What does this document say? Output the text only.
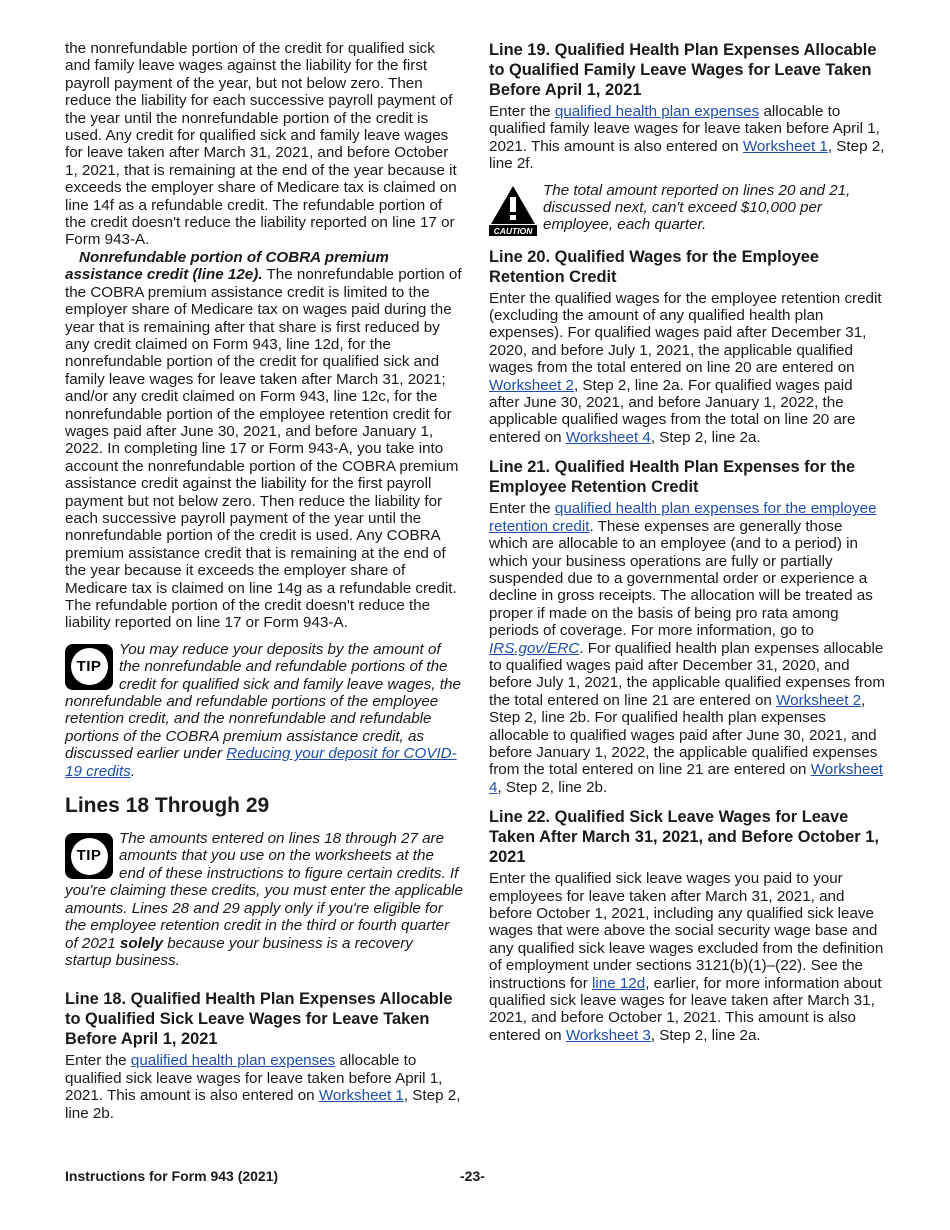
the nonrefundable portion of the credit for qualified sick and family leave wages against the liability for the first payroll payment of the year, but not below zero. Then reduce the liability for each successive payroll payment of the year until the nonrefundable portion of the credit is used. Any credit for qualified sick and family leave wages for leave taken after March 31, 2021, and before October 1, 2021, that is remaining at the end of the year because it exceeds the employer share of Medicare tax is claimed on line 14f as a refundable credit. The refundable portion of the credit doesn't reduce the liability reported on line 17 or Form 943-A.

Nonrefundable portion of COBRA premium assistance credit (line 12e). The nonrefundable portion of the COBRA premium assistance credit is limited to the employer share of Medicare tax on wages paid during the year that is remaining after that share is first reduced by any credit claimed on Form 943, line 12d, for the nonrefundable portion of the credit for qualified sick and family leave wages for leave taken after March 31, 2021; and/or any credit claimed on Form 943, line 12c, for the nonrefundable portion of the employee retention credit for wages paid after June 30, 2021, and before January 1, 2022. In completing line 17 or Form 943-A, you take into account the nonrefundable portion of the COBRA premium assistance credit against the liability for the first payroll payment but not below zero. Then reduce the liability for each successive payroll payment of the year until the nonrefundable portion of the credit is used. Any COBRA premium assistance credit that is remaining at the end of the year because it exceeds the employer share of Medicare tax is claimed on line 14g as a refundable credit. The refundable portion of the credit doesn't reduce the liability reported on line 17 or Form 943-A.

TIP
You may reduce your deposits by the amount of the nonrefundable and refundable portions of the credit for qualified sick and family leave wages, the nonrefundable and refundable portions of the employee retention credit, and the nonrefundable and refundable portions of the COBRA premium assistance credit, as discussed earlier under Reducing your deposit for COVID-19 credits.
Lines 18 Through 29
TIP
The amounts entered on lines 18 through 27 are amounts that you use on the worksheets at the end of these instructions to figure certain credits. If you're claiming these credits, you must enter the applicable amounts. Lines 28 and 29 apply only if you're eligible for the employee retention credit in the third or fourth quarter of 2021 solely because your business is a recovery startup business.
Line 18. Qualified Health Plan Expenses Allocable to Qualified Sick Leave Wages for Leave Taken Before April 1, 2021

Enter the qualified health plan expenses allocable to qualified sick leave wages for leave taken before April 1, 2021. This amount is also entered on Worksheet 1, Step 2, line 2b.

Line 19. Qualified Health Plan Expenses Allocable to Qualified Family Leave Wages for Leave Taken Before April 1, 2021

Enter the qualified health plan expenses allocable to qualified family leave wages for leave taken before April 1, 2021. This amount is also entered on Worksheet 1, Step 2, line 2f.

CAUTION
The total amount reported on lines 20 and 21, discussed next, can't exceed $10,000 per employee, each quarter.
Line 20. Qualified Wages for the Employee Retention Credit

Enter the qualified wages for the employee retention credit (excluding the amount of any qualified health plan expenses). For qualified wages paid after December 31, 2020, and before July 1, 2021, the applicable qualified wages from the total entered on line 20 are entered on Worksheet 2, Step 2, line 2a. For qualified wages paid after June 30, 2021, and before January 1, 2022, the applicable qualified wages from the total on line 20 are entered on Worksheet 4, Step 2, line 2a.

Line 21. Qualified Health Plan Expenses for the Employee Retention Credit

Enter the qualified health plan expenses for the employee retention credit. These expenses are generally those which are allocable to an employee (and to a period) in which your business operations are fully or partially suspended due to a governmental order or experience a decline in gross receipts. The allocation will be treated as proper if made on the basis of being pro rata among periods of coverage. For more information, go to IRS.gov/ERC. For qualified health plan expenses allocable to qualified wages paid after December 31, 2020, and before July 1, 2021, the applicable qualified expenses from the total entered on line 21 are entered on Worksheet 2, Step 2, line 2b. For qualified health plan expenses allocable to qualified wages paid after June 30, 2021, and before January 1, 2022, the applicable qualified expenses from the total entered on line 21 are entered on Worksheet 4, Step 2, line 2b.

Line 22. Qualified Sick Leave Wages for Leave Taken After March 31, 2021, and Before October 1, 2021

Enter the qualified sick leave wages you paid to your employees for leave taken after March 31, 2021, and before October 1, 2021, including any qualified sick leave wages that were above the social security wage base and any qualified sick leave wages excluded from the definition of employment under sections 3121(b)(1)–(22). See the instructions for line 12d, earlier, for more information about qualified sick leave wages for leave taken after March 31, 2021, and before October 1, 2021. This amount is also entered on Worksheet 3, Step 2, line 2a.

Instructions for Form 943 (2021)	-23-
